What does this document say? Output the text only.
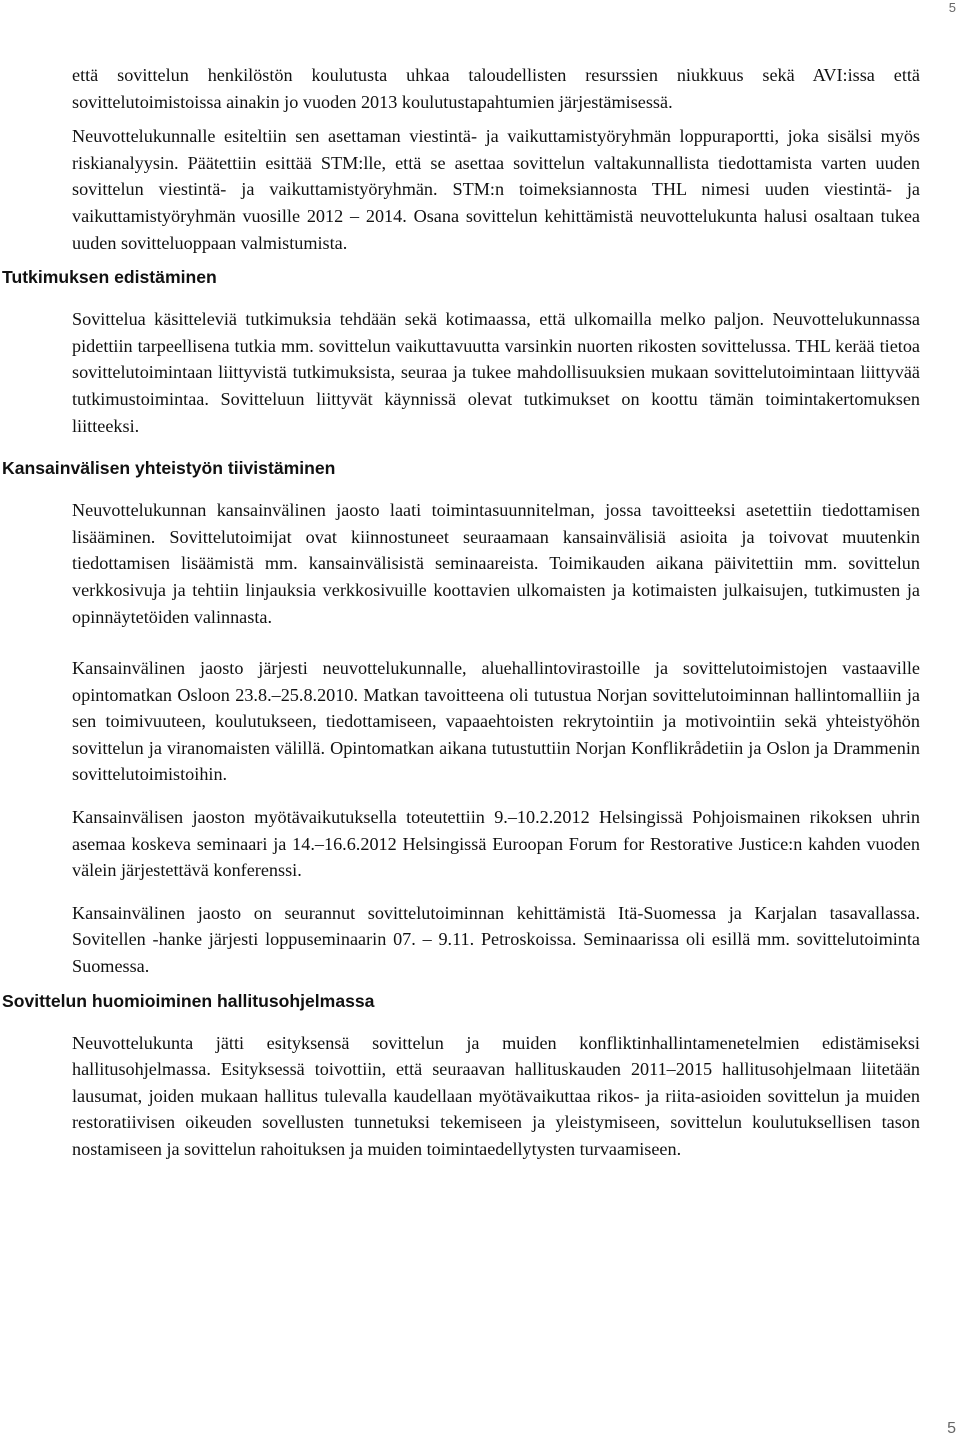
5

että sovittelun henkilöstön koulutusta uhkaa taloudellisten resurssien niukkuus sekä AVI:issa että sovittelutoimistoissa ainakin jo vuoden 2013 koulutustapahtumien järjestämisessä.

Neuvottelukunnalle esiteltiin sen asettaman viestintä- ja vaikuttamistyöryhmän loppuraportti, joka sisälsi myös riskianalyysin. Päätettiin esittää STM:lle, että se asettaa sovittelun valtakunnallista tiedottamista varten uuden sovittelun viestintä- ja vaikuttamistyöryhmän. STM:n toimeksiannosta THL nimesi uuden viestintä- ja vaikuttamistyöryhmän vuosille 2012 – 2014. Osana sovittelun kehittämistä neuvottelukunta halusi osaltaan tukea uuden sovitteluoppaan valmistumista.

Tutkimuksen edistäminen

Sovittelua käsitteleviä tutkimuksia tehdään sekä kotimaassa, että ulkomailla melko paljon. Neuvottelukunnassa pidettiin tarpeellisena tutkia mm. sovittelun vaikuttavuutta varsinkin nuorten rikosten sovittelussa. THL kerää tietoa sovittelutoimintaan liittyvistä tutkimuksista, seuraa ja tukee mahdollisuuksien mukaan sovittelutoimintaan liittyvää tutkimustoimintaa. Sovitteluun liittyvät käynnissä olevat tutkimukset on koottu tämän toimintakertomuksen liitteeksi.

Kansainvälisen yhteistyön tiivistäminen

Neuvottelukunnan kansainvälinen jaosto laati toimintasuunnitelman, jossa tavoitteeksi asetettiin tiedottamisen lisääminen. Sovittelutoimijat ovat kiinnostuneet seuraamaan kansainvälisiä asioita ja toivovat muutenkin tiedottamisen lisäämistä mm. kansainvälisistä seminaareista. Toimikauden aikana päivitettiin mm. sovittelun verkkosivuja ja tehtiin linjauksia verkkosivuille koottavien ulkomaisten ja kotimaisten julkaisujen, tutkimusten ja opinnäytetöiden valinnasta.

Kansainvälinen jaosto järjesti neuvottelukunnalle, aluehallintovirastoille ja sovittelutoimistojen vastaaville opintomatkan Osloon 23.8.–25.8.2010. Matkan tavoitteena oli tutustua Norjan sovittelutoiminnan hallintomalliin ja sen toimivuuteen, koulutukseen, tiedottamiseen, vapaaehtoisten rekrytointiin ja motivointiin sekä yhteistyöhön sovittelun ja viranomaisten välillä. Opintomatkan aikana tutustuttiin Norjan Konflikrådetiin ja Oslon ja Drammenin sovittelutoimistoihin.

Kansainvälisen jaoston myötävaikutuksella toteutettiin 9.–10.2.2012 Helsingissä Pohjoismainen rikoksen uhrin asemaa koskeva seminaari ja 14.–16.6.2012 Helsingissä Euroopan Forum for Restorative Justice:n kahden vuoden välein järjestettävä konferenssi.

Kansainvälinen jaosto on seurannut sovittelutoiminnan kehittämistä Itä-Suomessa ja Karjalan tasavallassa. Sovitellen -hanke järjesti loppuseminaarin 07. – 9.11. Petroskoissa. Seminaarissa oli esillä mm. sovittelutoiminta Suomessa.

Sovittelun huomioiminen hallitusohjelmassa

Neuvottelukunta jätti esityksensä sovittelun ja muiden konfliktinhallintamenetelmien edistämiseksi hallitusohjelmassa. Esityksessä toivottiin, että seuraavan hallituskauden 2011–2015 hallitusohjelmaan liitetään lausumat, joiden mukaan hallitus tulevalla kaudellaan myötävaikuttaa rikos- ja riita-asioiden sovittelun ja muiden restoratiivisen oikeuden sovellusten tunnetuksi tekemiseen ja yleistymiseen, sovittelun koulutuksellisen tason nostamiseen ja sovittelun rahoituksen ja muiden toimintaedellytysten turvaamiseen.

5
